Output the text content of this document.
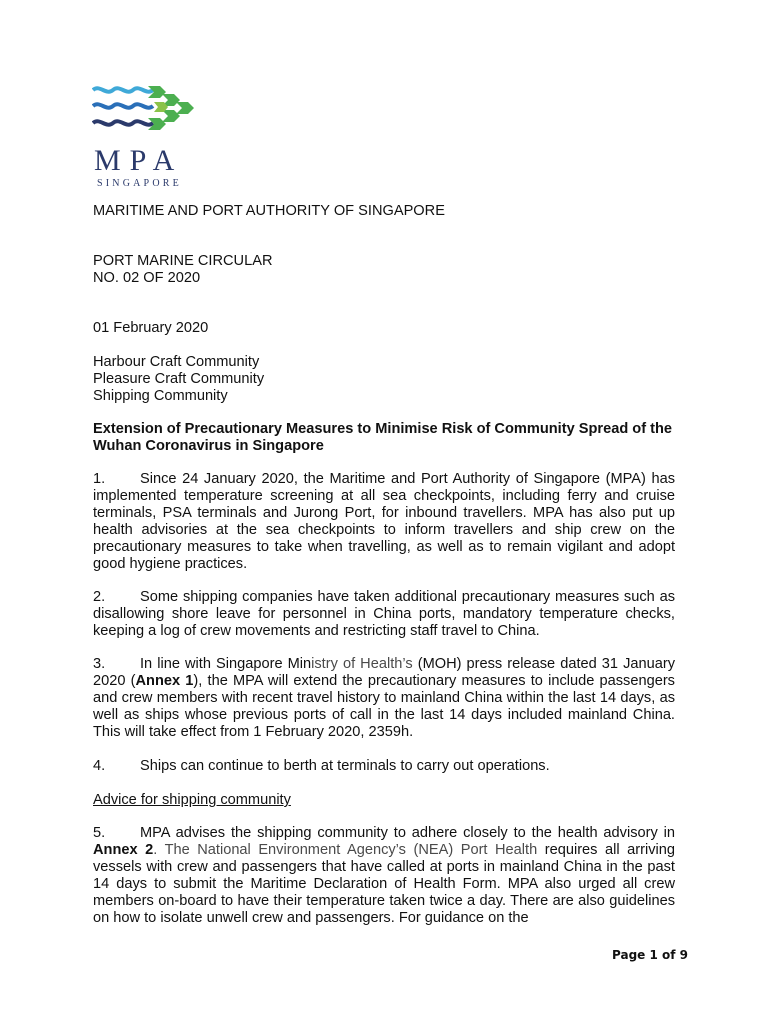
MPA
SINGAPORE
MARITIME AND PORT AUTHORITY OF SINGAPORE
PORT MARINE CIRCULAR
NO. 02 OF 2020
01 February 2020
Harbour Craft Community
Pleasure Craft Community
Shipping Community
Extension of Precautionary Measures to Minimise Risk of Community Spread of the Wuhan Coronavirus in Singapore
1. Since 24 January 2020, the Maritime and Port Authority of Singapore (MPA) has implemented temperature screening at all sea checkpoints, including ferry and cruise terminals, PSA terminals and Jurong Port, for inbound travellers. MPA has also put up health advisories at the sea checkpoints to inform travellers and ship crew on the precautionary measures to take when travelling, as well as to remain vigilant and adopt good hygiene practices.
2. Some shipping companies have taken additional precautionary measures such as disallowing shore leave for personnel in China ports, mandatory temperature checks, keeping a log of crew movements and restricting staff travel to China.
3. In line with Singapore Ministry of Health’s (MOH) press release dated 31 January 2020 (Annex 1), the MPA will extend the precautionary measures to include passengers and crew members with recent travel history to mainland China within the last 14 days, as well as ships whose previous ports of call in the last 14 days included mainland China. This will take effect from 1 February 2020, 2359h.
4. Ships can continue to berth at terminals to carry out operations.
Advice for shipping community
5. MPA advises the shipping community to adhere closely to the health advisory in Annex 2. The National Environment Agency’s (NEA) Port Health requires all arriving vessels with crew and passengers that have called at ports in mainland China in the past 14 days to submit the Maritime Declaration of Health Form. MPA also urged all crew members on-board to have their temperature taken twice a day. There are also guidelines on how to isolate unwell crew and passengers. For guidance on the
Page 1 of 9
